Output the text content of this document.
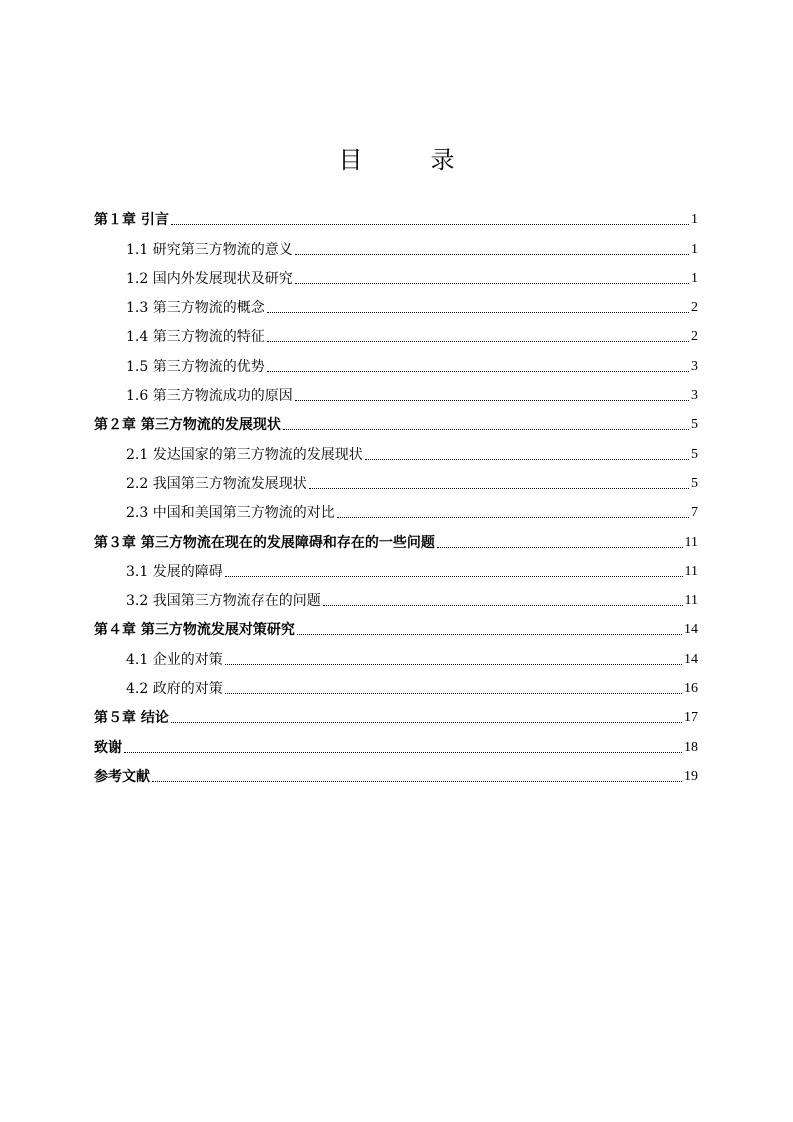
目　录
第１章 引言	1
1.1 研究第三方物流的意义	1
1.2 国内外发展现状及研究	1
1.3 第三方物流的概念	2
1.4 第三方物流的特征	2
1.5 第三方物流的优势	3
1.6 第三方物流成功的原因	3
第２章 第三方物流的发展现状	5
2.1 发达国家的第三方物流的发展现状	5
2.2 我国第三方物流发展现状	5
2.3 中国和美国第三方物流的对比	7
第３章 第三方物流在现在的发展障碍和存在的一些问题	11
3.1 发展的障碍	11
3.2 我国第三方物流存在的问题	11
第４章 第三方物流发展对策研究	14
4.1 企业的对策	14
4.2 政府的对策	16
第５章 结论	17
致谢	18
参考文献	19
